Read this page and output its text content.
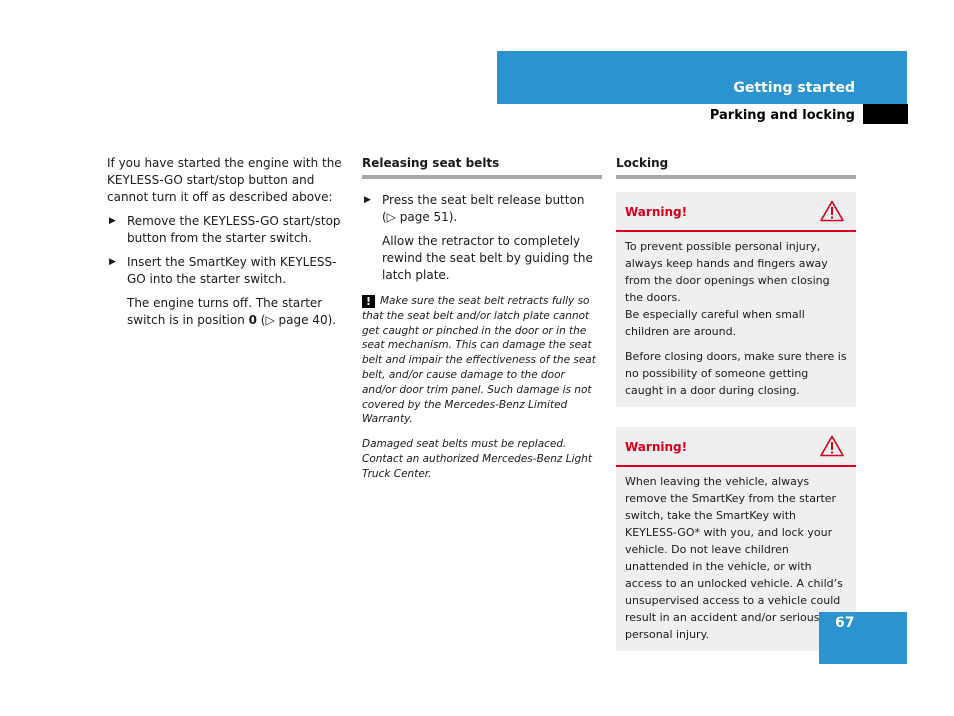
Getting started
Parking and locking

If you have started the engine with the KEYLESS-GO start/stop button and cannot turn it off as described above:

▶ Remove the KEYLESS-GO start/stop button from the starter switch.
▶ Insert the SmartKey with KEYLESS-GO into the starter switch.

The engine turns off. The starter switch is in position 0 (▷ page 40).

Releasing seat belts
▶ Press the seat belt release button (▷ page 51).

Allow the retractor to completely rewind the seat belt by guiding the latch plate.

! Make sure the seat belt retracts fully so that the seat belt and/or latch plate cannot get caught or pinched in the door or in the seat mechanism. This can damage the seat belt and impair the effectiveness of the seat belt, and/or cause damage to the door and/or door trim panel. Such damage is not covered by the Mercedes-Benz Limited Warranty.

Damaged seat belts must be replaced. Contact an authorized Mercedes-Benz Light Truck Center.

Locking
Warning!

To prevent possible personal injury, always keep hands and fingers away from the door openings when closing the doors.

Be especially careful when small children are around.

Before closing doors, make sure there is no possibility of someone getting caught in a door during closing.

Warning!

When leaving the vehicle, always remove the SmartKey from the starter switch, take the SmartKey with KEYLESS-GO* with you, and lock your vehicle. Do not leave children unattended in the vehicle, or with access to an unlocked vehicle. A child’s unsupervised access to a vehicle could result in an accident and/or serious personal injury.

67
